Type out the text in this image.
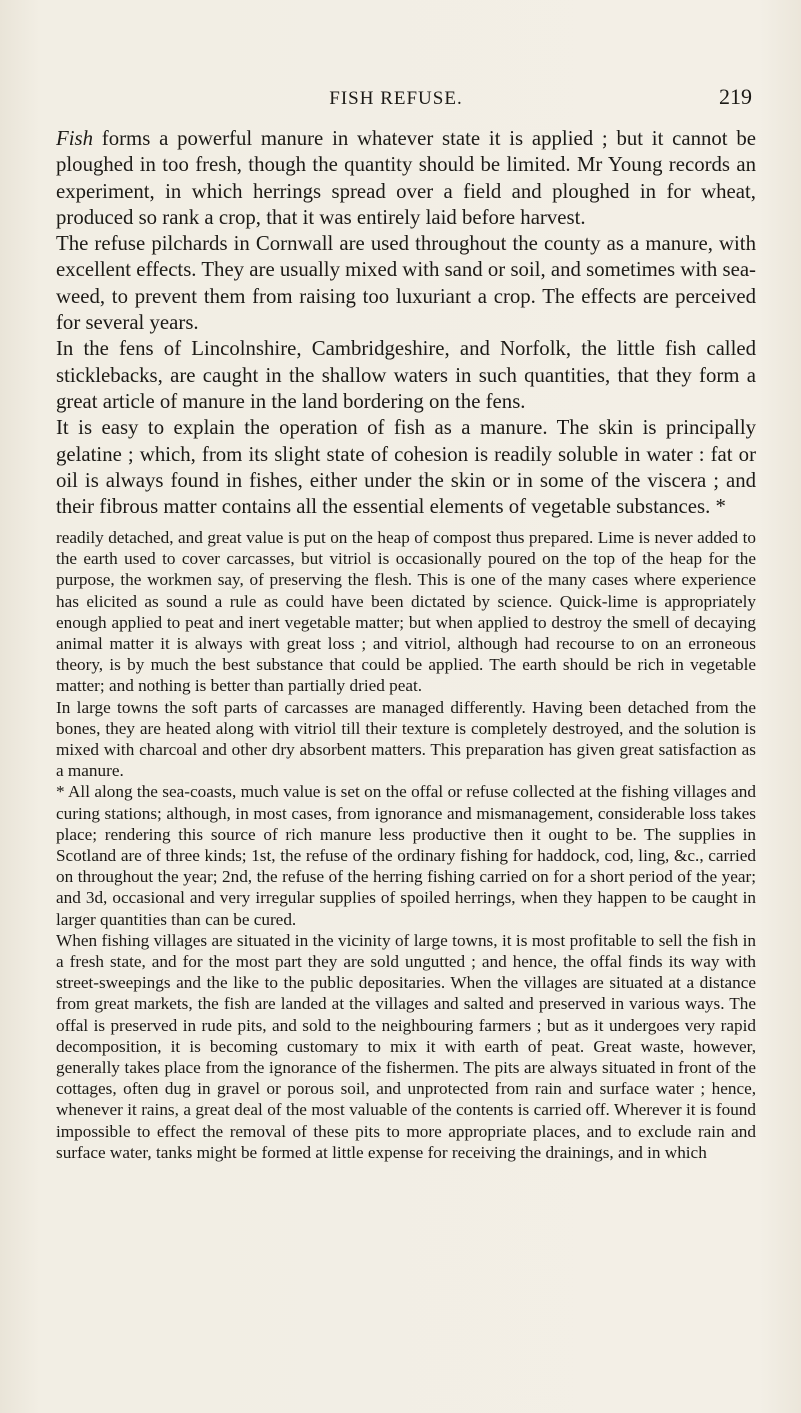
FISH REFUSE.	219

Fish forms a powerful manure in whatever state it is applied ; but it cannot be ploughed in too fresh, though the quantity should be limited. Mr Young records an experiment, in which herrings spread over a field and ploughed in for wheat, produced so rank a crop, that it was entirely laid before harvest.

The refuse pilchards in Cornwall are used throughout the county as a manure, with excellent effects. They are usually mixed with sand or soil, and sometimes with sea-weed, to prevent them from raising too luxuriant a crop. The effects are perceived for several years.

In the fens of Lincolnshire, Cambridgeshire, and Norfolk, the little fish called sticklebacks, are caught in the shallow waters in such quantities, that they form a great article of manure in the land bordering on the fens.

It is easy to explain the operation of fish as a manure. The skin is principally gelatine ; which, from its slight state of cohesion is readily soluble in water : fat or oil is always found in fishes, either under the skin or in some of the viscera ; and their fibrous matter contains all the essential elements of vegetable substances. *

readily detached, and great value is put on the heap of compost thus prepared. Lime is never added to the earth used to cover carcasses, but vitriol is occasionally poured on the top of the heap for the purpose, the workmen say, of preserving the flesh. This is one of the many cases where experience has elicited as sound a rule as could have been dictated by science. Quick-lime is appropriately enough applied to peat and inert vegetable matter; but when applied to destroy the smell of decaying animal matter it is always with great loss ; and vitriol, although had recourse to on an erroneous theory, is by much the best substance that could be applied. The earth should be rich in vegetable matter; and nothing is better than partially dried peat.

In large towns the soft parts of carcasses are managed differently. Having been detached from the bones, they are heated along with vitriol till their texture is completely destroyed, and the solution is mixed with charcoal and other dry absorbent matters. This preparation has given great satisfaction as a manure.

* All along the sea-coasts, much value is set on the offal or refuse collected at the fishing villages and curing stations; although, in most cases, from ignorance and mismanagement, considerable loss takes place; rendering this source of rich manure less productive then it ought to be. The supplies in Scotland are of three kinds; 1st, the refuse of the ordinary fishing for haddock, cod, ling, &c., carried on throughout the year; 2nd, the refuse of the herring fishing carried on for a short period of the year; and 3d, occasional and very irregular supplies of spoiled herrings, when they happen to be caught in larger quantities than can be cured.

When fishing villages are situated in the vicinity of large towns, it is most profitable to sell the fish in a fresh state, and for the most part they are sold ungutted ; and hence, the offal finds its way with street-sweepings and the like to the public depositaries. When the villages are situated at a distance from great markets, the fish are landed at the villages and salted and preserved in various ways. The offal is preserved in rude pits, and sold to the neighbouring farmers ; but as it undergoes very rapid decomposition, it is becoming customary to mix it with earth of peat. Great waste, however, generally takes place from the ignorance of the fishermen. The pits are always situated in front of the cottages, often dug in gravel or porous soil, and unprotected from rain and surface water ; hence, whenever it rains, a great deal of the most valuable of the contents is carried off. Wherever it is found impossible to effect the removal of these pits to more appropriate places, and to exclude rain and surface water, tanks might be formed at little expense for receiving the drainings, and in which
